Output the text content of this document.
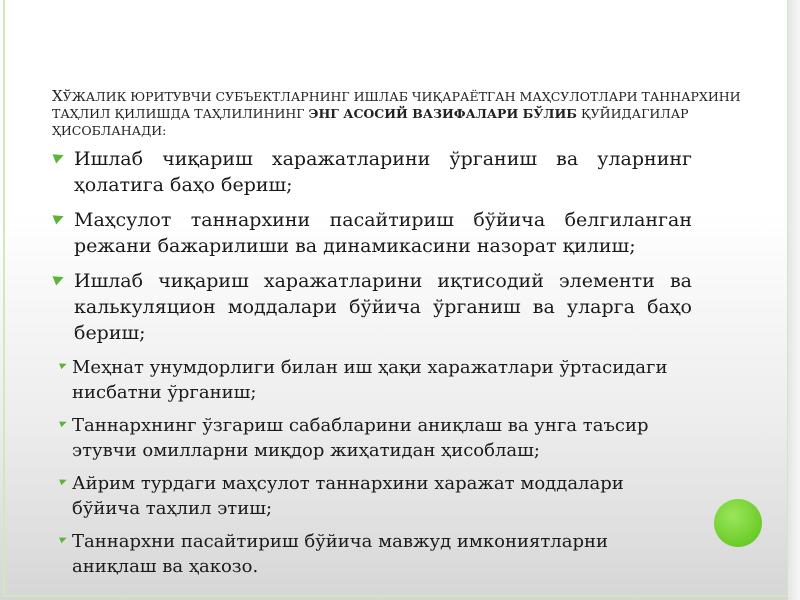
ХЎЖАЛИК ЮРИТУВЧИ СУБЪЕКТЛАРНИНГ ИШЛАБ ЧИҚАРАЁТГАН МАҲСУЛОТЛАРИ ТАННАРХИНИ ТАҲЛИЛ ҚИЛИШДА ТАҲЛИЛИНИНГ ЭНГ АСОСИЙ ВАЗИФАЛАРИ БЎЛИБ ҚУЙИДАГИЛАР ҲИСОБЛАНАДИ:
Ишлаб чиқариш харажатларини ўрганиш ва уларнинг ҳолатига баҳо бериш;
Маҳсулот таннархини пасайтириш бўйича белгиланган режани бажарилиши ва динамикасини назорат қилиш;
Ишлаб чиқариш харажатларини иқтисодий элементи ва калькуляцион моддалари бўйича ўрганиш ва уларга баҳо бериш;
Меҳнат унумдорлиги билан иш ҳақи харажатлари ўртасидаги нисбатни ўрганиш;
Таннархнинг ўзгариш сабабларини аниқлаш ва унга таъсир этувчи омилларни миқдор жиҳатидан ҳисоблаш;
Айрим турдаги маҳсулот таннархини харажат моддалари бўйича таҳлил этиш;
Таннархни пасайтириш бўйича мавжуд имкониятларни аниқлаш ва ҳакозо.
